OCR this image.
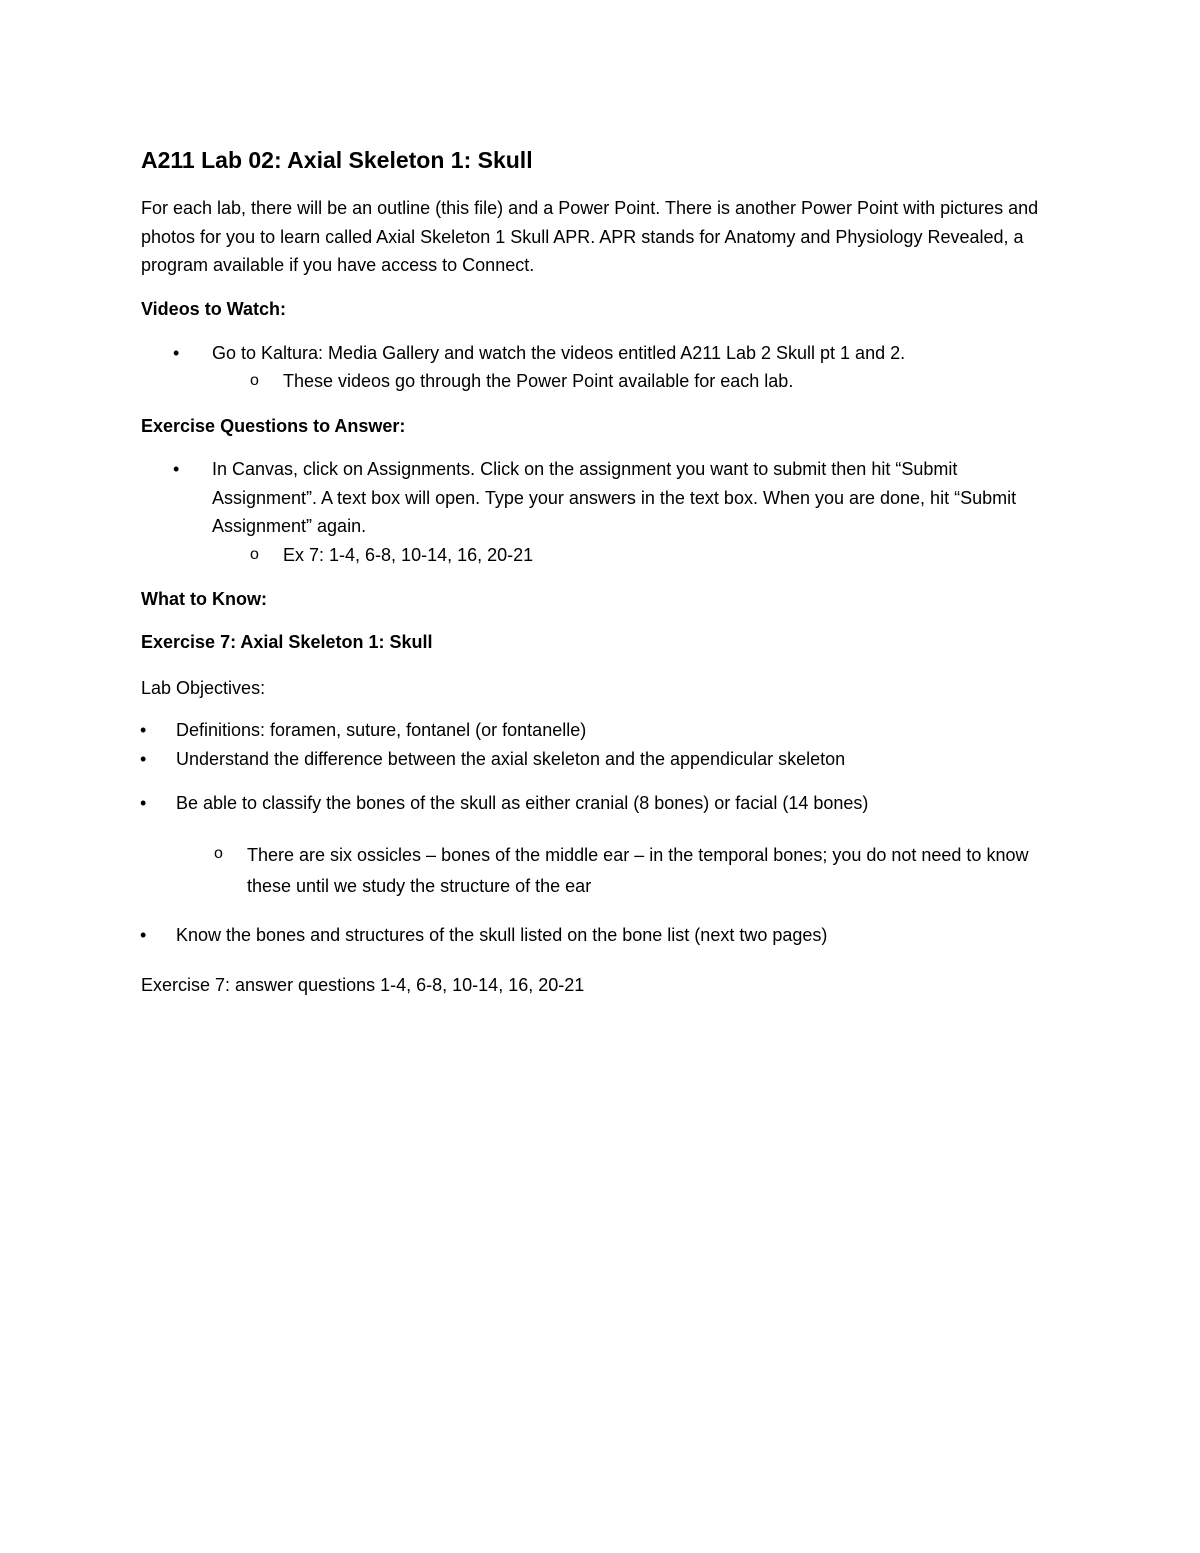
A211 Lab 02: Axial Skeleton 1: Skull
For each lab, there will be an outline (this file) and a Power Point. There is another Power Point with pictures and photos for you to learn called Axial Skeleton 1 Skull APR. APR stands for Anatomy and Physiology Revealed, a program available if you have access to Connect.
Videos to Watch:
• Go to Kaltura: Media Gallery and watch the videos entitled A211 Lab 2 Skull pt 1 and 2.
o These videos go through the Power Point available for each lab.
Exercise Questions to Answer:
• In Canvas, click on Assignments. Click on the assignment you want to submit then hit “Submit Assignment”. A text box will open. Type your answers in the text box. When you are done, hit “Submit Assignment” again.
o Ex 7: 1-4, 6-8, 10-14, 16, 20-21
What to Know:
Exercise 7: Axial Skeleton 1: Skull
Lab Objectives:
• Definitions: foramen, suture, fontanel (or fontanelle)
• Understand the difference between the axial skeleton and the appendicular skeleton
• Be able to classify the bones of the skull as either cranial (8 bones) or facial (14 bones)
o There are six ossicles – bones of the middle ear – in the temporal bones; you do not need to know these until we study the structure of the ear
• Know the bones and structures of the skull listed on the bone list (next two pages)
Exercise 7: answer questions 1-4, 6-8, 10-14, 16, 20-21
